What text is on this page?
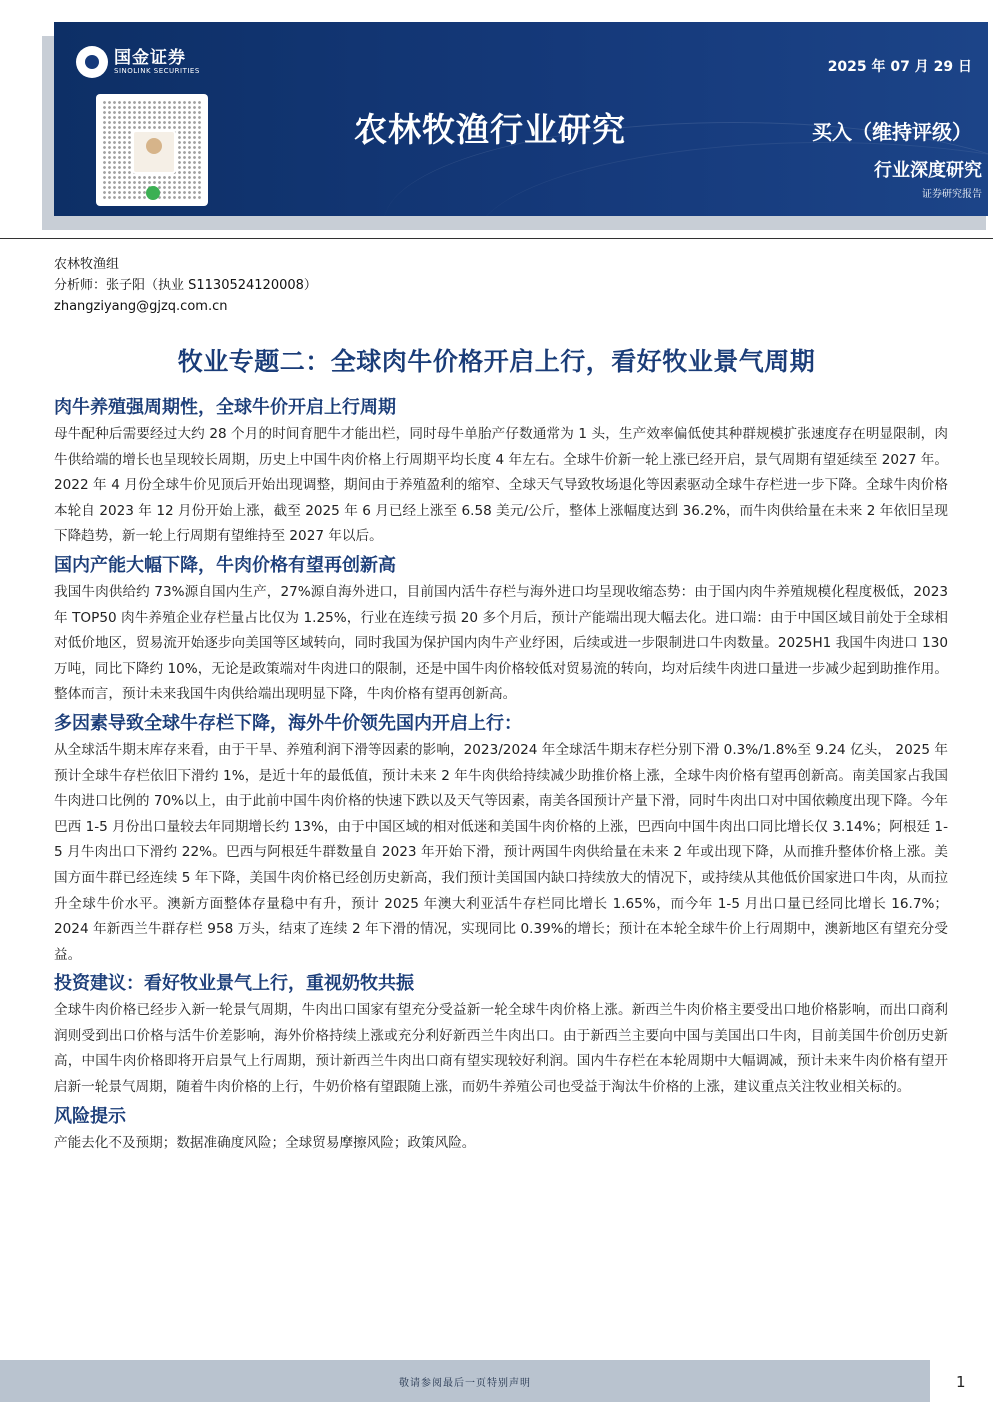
国金证券
SINOLINK SECURITIES	2025 年 07 月 29 日
农林牧渔行业研究	买入（维持评级）
行业深度研究
证券研究报告
农林牧渔组
分析师：张子阳（执业 S1130524120008）
zhangziyang@gjzq.com.cn
牧业专题二：全球肉牛价格开启上行，看好牧业景气周期
肉牛养殖强周期性，全球牛价开启上行周期

母牛配种后需要经过大约 28 个月的时间育肥牛才能出栏，同时母牛单胎产仔数通常为 1 头，生产效率偏低使其种群规模扩张速度存在明显限制，肉牛供给端的增长也呈现较长周期，历史上中国牛肉价格上行周期平均长度 4 年左右。全球牛价新一轮上涨已经开启，景气周期有望延续至 2027 年。2022 年 4 月份全球牛价见顶后开始出现调整，期间由于养殖盈利的缩窄、全球天气导致牧场退化等因素驱动全球牛存栏进一步下降。全球牛肉价格本轮自 2023 年 12 月份开始上涨，截至 2025 年 6 月已经上涨至 6.58 美元/公斤，整体上涨幅度达到 36.2%，而牛肉供给量在未来 2 年依旧呈现下降趋势，新一轮上行周期有望维持至 2027 年以后。

国内产能大幅下降，牛肉价格有望再创新高

我国牛肉供给约 73%源自国内生产，27%源自海外进口，目前国内活牛存栏与海外进口均呈现收缩态势：由于国内肉牛养殖规模化程度极低，2023 年 TOP50 肉牛养殖企业存栏量占比仅为 1.25%，行业在连续亏损 20 多个月后，预计产能端出现大幅去化。进口端：由于中国区域目前处于全球相对低价地区，贸易流开始逐步向美国等区域转向，同时我国为保护国内肉牛产业纾困，后续或进一步限制进口牛肉数量。2025H1 我国牛肉进口 130 万吨，同比下降约 10%，无论是政策端对牛肉进口的限制，还是中国牛肉价格较低对贸易流的转向，均对后续牛肉进口量进一步减少起到助推作用。整体而言，预计未来我国牛肉供给端出现明显下降，牛肉价格有望再创新高。

多因素导致全球牛存栏下降，海外牛价领先国内开启上行：

从全球活牛期末库存来看，由于干旱、养殖利润下滑等因素的影响，2023/2024 年全球活牛期末存栏分别下滑 0.3%/1.8%至 9.24 亿头， 2025 年预计全球牛存栏依旧下滑约 1%，是近十年的最低值，预计未来 2 年牛肉供给持续减少助推价格上涨，全球牛肉价格有望再创新高。南美国家占我国牛肉进口比例的 70%以上，由于此前中国牛肉价格的快速下跌以及天气等因素，南美各国预计产量下滑，同时牛肉出口对中国依赖度出现下降。今年巴西 1-5 月份出口量较去年同期增长约 13%，由于中国区域的相对低迷和美国牛肉价格的上涨，巴西向中国牛肉出口同比增长仅 3.14%；阿根廷 1-5 月牛肉出口下滑约 22%。巴西与阿根廷牛群数量自 2023 年开始下滑，预计两国牛肉供给量在未来 2 年或出现下降，从而推升整体价格上涨。美国方面牛群已经连续 5 年下降，美国牛肉价格已经创历史新高，我们预计美国国内缺口持续放大的情况下，或持续从其他低价国家进口牛肉，从而拉升全球牛价水平。澳新方面整体存量稳中有升，预计 2025 年澳大利亚活牛存栏同比增长 1.65%，而今年 1-5 月出口量已经同比增长 16.7%；2024 年新西兰牛群存栏 958 万头，结束了连续 2 年下滑的情况，实现同比 0.39%的增长；预计在本轮全球牛价上行周期中，澳新地区有望充分受益。

投资建议：看好牧业景气上行，重视奶牧共振

全球牛肉价格已经步入新一轮景气周期，牛肉出口国家有望充分受益新一轮全球牛肉价格上涨。新西兰牛肉价格主要受出口地价格影响，而出口商利润则受到出口价格与活牛价差影响，海外价格持续上涨或充分利好新西兰牛肉出口。由于新西兰主要向中国与美国出口牛肉，目前美国牛价创历史新高，中国牛肉价格即将开启景气上行周期，预计新西兰牛肉出口商有望实现较好利润。国内牛存栏在本轮周期中大幅调减，预计未来牛肉价格有望开启新一轮景气周期，随着牛肉价格的上行，牛奶价格有望跟随上涨，而奶牛养殖公司也受益于淘汰牛价格的上涨，建议重点关注牧业相关标的。

风险提示

产能去化不及预期；数据准确度风险；全球贸易摩擦风险；政策风险。

敬请参阅最后一页特别声明	1
